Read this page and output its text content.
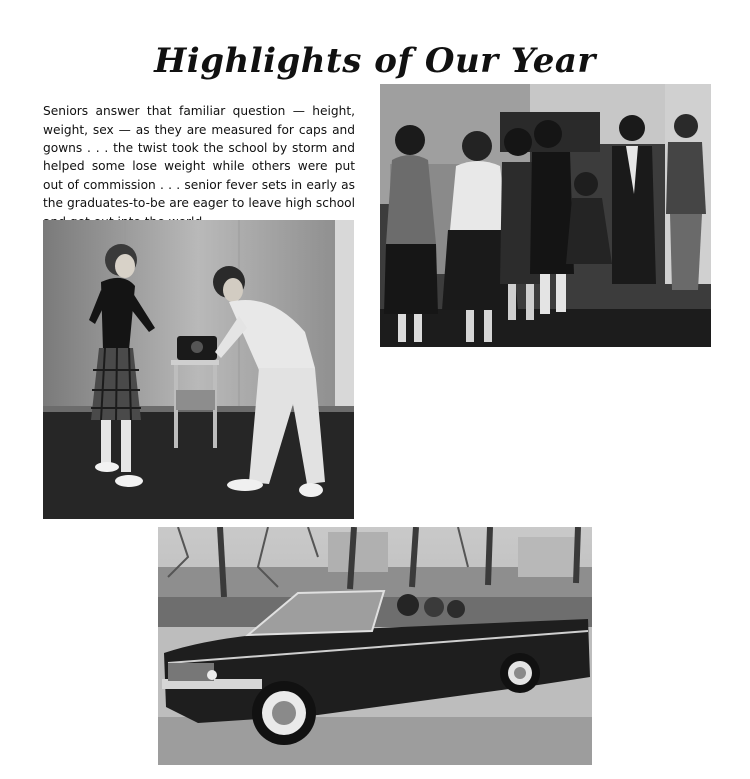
Highlights of Our Year

Seniors answer that familiar question — height, weight, sex — as they are measured for caps and gowns . . . the twist took the school by storm and helped some lose weight while others were put out of commission . . . senior fever sets in early as the graduates-to-be are eager to leave high school
